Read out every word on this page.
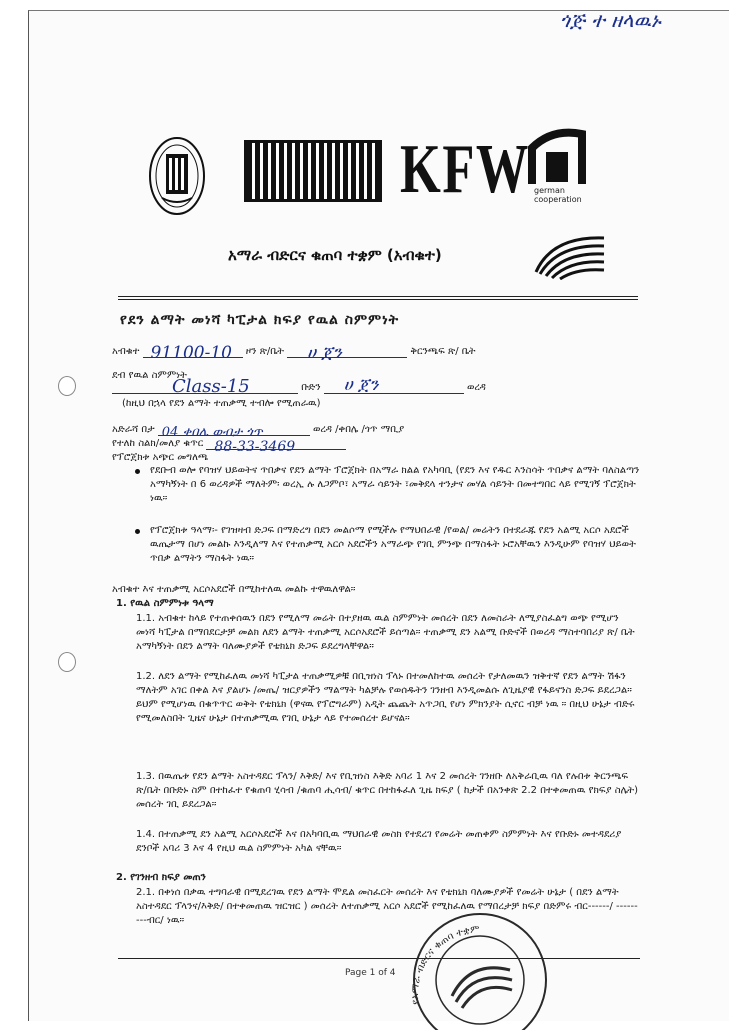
ጎጅ ተ ዘላዉኑ
KFW german
cooperation
አማራ ብድርና ቁጠባ ተቋም (አብቁተ)
የደን ልማት መነሻ ካፒታል ክፍያ የዉል ስምምነት
አብቁተ 91100-10 ዞን ጽ/ቤት ሀ ጀን	ቅርንጫፍ ጽ/ ቤት
ደብ የዉል ስምምነት
Class-15	ቡድን ሀ ጀን	ወረዳ
(ከዚህ በኋላ የደን ልማት ተጠቃሚ ተብሎ የሚጠራዉ)
አድራሻ በታ 04 ቀበሌ ወብታ ጎጥ	ወረዳ /ቀበሌ /ጎጥ ማቢያ
የተለከ ስልክ/መለያ ቁጥር 88-33-3469
የፕሮጀክቱ አጭር መግለጫ
የደቡብ ወሎ የባዝሃ ህይወትና ጥበቃና የደን ልማት ፕሮጀክት በአማራ ክልል የአካባቢ (የደን እና የዱር እንስሳት ጥበቃና ልማት ባለስልጣን አማካኝነት በ 6 ወረዳዎች ማለትም፡ ወረኢ ሉ ለጋምቦ፣ አማራ ሳይንት ፣መቅደላ ተንታና መሃል ሳይንት በመተግበር ላይ የሚገኝ ፕሮጀክት ነዉ።
የፕሮጀክቱ ዓላማ፡- የገዝዛብ ድጋፍ በማድረግ በደን መልሶማ የሚችሉ የማህበራዊ /የወል/ መሬትን በተደራጁ የደን አልሚ አርሶ አደሮች ዉጤታማ በሆነ መልኩ እንዲለማ እና የተጠቃሚ አርሶ አደሮችን አማራጭ የገቢ ምንጭ በማስፋት ኑሮአቸዉን እንዲሁም የባዝሃ ህይወት ጥበቃ ልማትን ማስፋት ነዉ።
አብቁተ እና ተጠቃሚ አርሶአደሮች በሚከተለዉ መልኩ ተዋዉለዋል።
1. የዉል ስምምነቱ ዓላማ
1.1. አብቁተ ከላይ የተጠቀሰዉን በደን የሚለማ መሬት በተያዘዉ ዉል ስምምነት መሰረት በደን ለመስራት ለሚያስፈልግ ወጭ የሚሆን መነሻ ካፒታል በማበደርታቻ መልክ ለደን ልማት ተጠቃሚ አርሶአደሮች ይሰጣል። ተጠቃሚ ደን አልሚ ቡድኖች በወረዳ ማስተባበሪያ ጽ/ ቤት አማካኝነት በደን ልማት ባለሙያዎች የቴክኒክ ድጋፍ ይደረግላቸዋል።
1.2. ለደን ልማት የሚከፈለዉ መነሻ ካፒታል ተጠቃሚዎቹ በቢዝነስ ፕላኑ በተመለከተዉ መሰረት የታለመዉን ዝቅተኛ የደን ልማት ሽፋን ማለትም አገር በቀል እና ያልሆኑ /መጤ/ ዝርያዎችን ማልማት ካልቻሉ የወሰዱትን ገንዘብ እንዲመልሱ ለጊዜያዊ የፋይናንስ ድጋፍ ይደረጋል። ይህም የሚሆነዉ በቁጥጥር ወቅት የቴክኒክ (ዋናዉ የፕሮግራም) አዲት ጨጨት አጥጋቢ የሆነ ምክንያት ሲኖር ብቻ ነዉ ። በዚህ ሁኔታ ብድሩ የሚመለስበት ጊዜና ሁኔታ በተጠቃሚዉ የገቢ ሁኔታ ላይ የተመሰረተ ይሆናል።
1.3. በዉጤቱ የደን ልማት አስተዳደር ፕላን/ እቅድ/ እና የቢዝነስ እቅድ አባሪ 1 እና 2 መሰረት ገንዘቡ ለአቅራቢዉ ባለ የሉበቱ ቅርንጫፍ ጽ/ቤት በቡድኑ ስም በተከፈተ የቁጠባ ሂሳብ /ቁጠባ ሒሳብ/ ቁጥር በተከፋፈለ ጊዜ ክፍያ ( ከታች በአንቀጽ 2.2 በተቀመጠዉ የክፍያ ስሌት) መሰረት ገቢ ይደረጋል።
1.4. በተጠቃሚ ደን አልሚ አርሶአደሮች እና በአካባቢዉ ማህበራዊ መስክ የተደረገ የመሬት መጠቀም ስምምነት እና የቡድኑ መተዳደሪያ ደንቦች አባሪ 3 እና 4 የዚህ ዉል ስምምነት አካል ናቸዉ።
2. የገንዘብ ክፍያ መጠን
2.1. በቀነሰ በቃዉ ተግባራዊ በሚደረገዉ የደን ልማት ሞዴል መስፈርት መሰረት እና የቴክኒክ ባለሙያዎች የመሬት ሁኔታ ( በደን ልማት አስተዳደር ፕላንና/እቅድ/ በተቀመጠዉ ዝርዝር ) መሰረት ለተጠቃሚ አርሶ አደሮች የሚከፈለዉ የማበረታቻ ክፍያ በድምሩ ብር------/ ---------ብር/ ነዉ።
Page 1 of 4
የአማራ ብድርና ቁጠባ ተቋም
